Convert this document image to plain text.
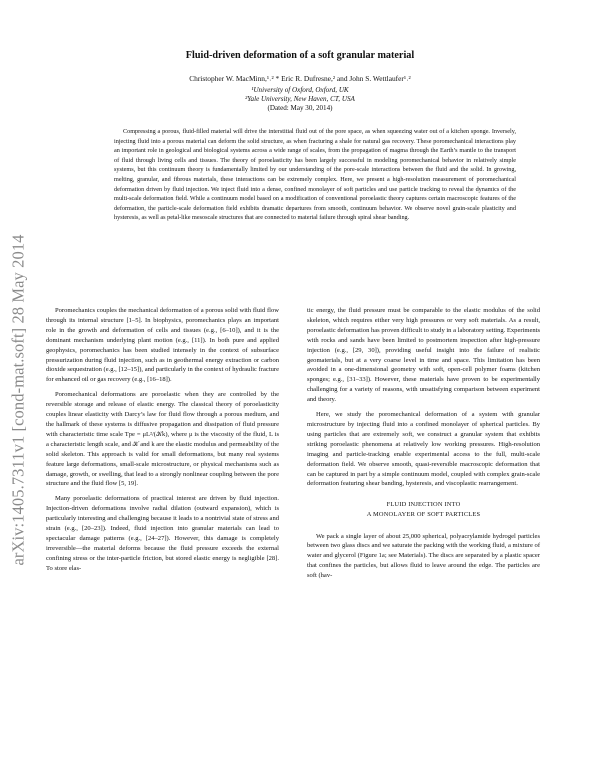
arXiv:1405.7311v1 [cond-mat.soft] 28 May 2014
Fluid-driven deformation of a soft granular material
Christopher W. MacMinn,¹˒² * Eric R. Dufresne,² and John S. Wettlaufer¹˒²
¹University of Oxford, Oxford, UK
²Yale University, New Haven, CT, USA
(Dated: May 30, 2014)

Compressing a porous, fluid-filled material will drive the interstitial fluid out of the pore space, as when squeezing water out of a kitchen sponge. Inversely, injecting fluid into a porous material can deform the solid structure, as when fracturing a shale for natural gas recovery. These poromechanical interactions play an important role in geological and biological systems across a wide range of scales, from the propagation of magma through the Earth’s mantle to the transport of fluid through living cells and tissues. The theory of poroelasticity has been largely successful in modeling poromechanical behavior in relatively simple systems, but this continuum theory is fundamentally limited by our understanding of the pore-scale interactions between the fluid and the solid. In growing, melting, granular, and fibrous materials, these interactions can be extremely complex. Here, we present a high-resolution measurement of poromechanical deformation driven by fluid injection. We inject fluid into a dense, confined monolayer of soft particles and use particle tracking to reveal the dynamics of the multi-scale deformation field. While a continuum model based on a modification of conventional poroelastic theory captures certain macroscopic features of the deformation, the particle-scale deformation field exhibits dramatic departures from smooth, continuum behavior. We observe novel grain-scale plasticity and hysteresis, as well as petal-like mesoscale structures that are connected to material failure through spiral shear banding.

Poromechanics couples the mechanical deformation of a porous solid with fluid flow through its internal structure [1–5]. In biophysics, poromechanics plays an important role in the growth and deformation of cells and tissues (e.g., [6–10]), and it is the dominant mechanism underlying plant motion (e.g., [11]). In both pure and applied geophysics, poromechanics has been studied intensely in the context of subsurface pressurization during fluid injection, such as in geothermal energy extraction or carbon dioxide sequestration (e.g., [12–15]), and particularly in the context of hydraulic fracture for enhanced oil or gas recovery (e.g., [16–18]).

Poromechanical deformations are poroelastic when they are controlled by the reversible storage and release of elastic energy. The classical theory of poroelasticity couples linear elasticity with Darcy’s law for fluid flow through a porous medium, and the hallmark of these systems is diffusive propagation and dissipation of fluid pressure with characteristic time scale Tpe = μL²/(𝒦k), where μ is the viscosity of the fluid, L is a characteristic length scale, and 𝒦 and k are the elastic modulus and permeability of the solid skeleton. This approach is valid for small deformations, but many real systems feature large deformations, small-scale microstructure, or physical mechanisms such as damage, growth, or swelling, that lead to a strongly nonlinear coupling between the pore structure and the fluid flow [5, 19].

Many poroelastic deformations of practical interest are driven by fluid injection. Injection-driven deformations involve radial dilation (outward expansion), which is particularly interesting and challenging because it leads to a nontrivial state of stress and strain (e.g., [20–23]). Indeed, fluid injection into granular materials can lead to spectacular damage patterns (e.g., [24–27]). However, this damage is completely irreversible—the material deforms because the fluid pressure exceeds the external confining stress or the inter-particle friction, but stored elastic energy is negligible [28]. To store elas-

tic energy, the fluid pressure must be comparable to the elastic modulus of the solid skeleton, which requires either very high pressures or very soft materials. As a result, poroelastic deformation has proven difficult to study in a laboratory setting. Experiments with rocks and sands have been limited to postmortem inspection after high-pressure injection (e.g., [29, 30]), providing useful insight into the failure of realistic geomaterials, but at a very coarse level in time and space. This limitation has been avoided in a one-dimensional geometry with soft, open-cell polymer foams (kitchen sponges; e.g., [31–33]). However, these materials have proven to be experimentally challenging for a variety of reasons, with unsatisfying comparison between experiment and theory.

Here, we study the poromechanical deformation of a system with granular microstructure by injecting fluid into a confined monolayer of spherical particles. By using particles that are extremely soft, we construct a granular system that exhibits striking poroelastic phenomena at relatively low working pressures. High-resolution imaging and particle-tracking enable experimental access to the full, multi-scale deformation field. We observe smooth, quasi-reversible macroscopic deformation that can be captured in part by a simple continuum model, coupled with complex grain-scale deformation featuring shear banding, hysteresis, and viscoplastic rearrangement.

FLUID INJECTION INTO
A MONOLAYER OF SOFT PARTICLES

We pack a single layer of about 25,000 spherical, polyacrylamide hydrogel particles between two glass discs and we saturate the packing with the working fluid, a mixture of water and glycerol (Figure 1a; see Materials). The discs are separated by a plastic spacer that confines the particles, but allows fluid to leave around the edge. The particles are soft (hav-
